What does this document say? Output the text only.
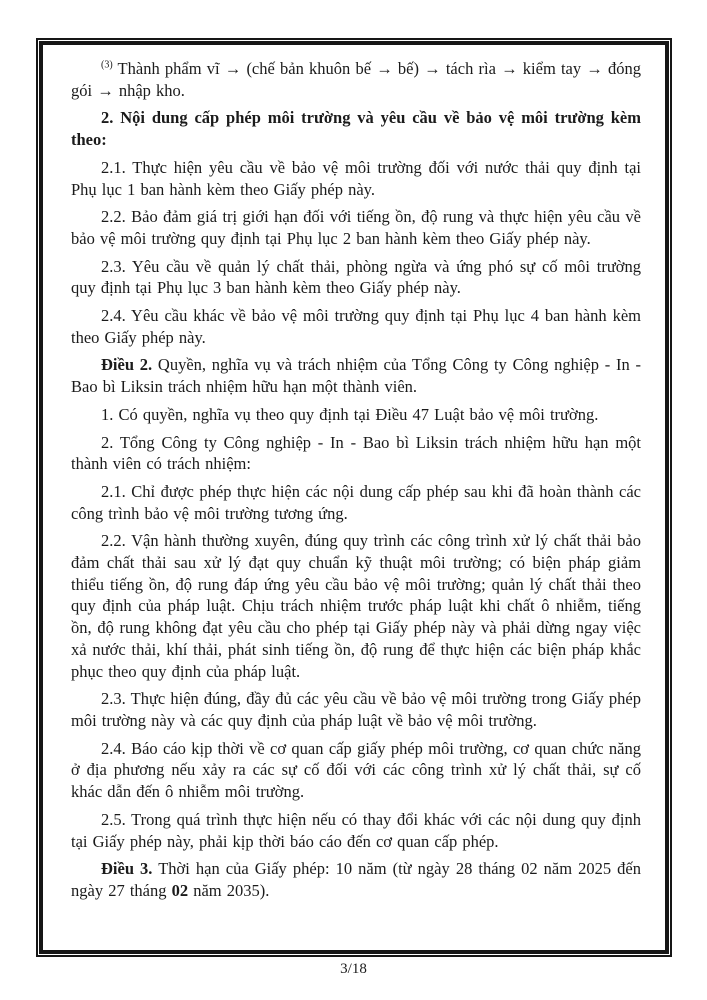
$^{(3)}$ Thành phẩm vĩ → (chế bản khuôn bế → bế) → tách rìa → kiểm tay → đóng gói → nhập kho.

2. Nội dung cấp phép môi trường và yêu cầu về bảo vệ môi trường kèm theo:

2.1. Thực hiện yêu cầu về bảo vệ môi trường đối với nước thải quy định tại Phụ lục 1 ban hành kèm theo Giấy phép này.

2.2. Bảo đảm giá trị giới hạn đối với tiếng ồn, độ rung và thực hiện yêu cầu về bảo vệ môi trường quy định tại Phụ lục 2 ban hành kèm theo Giấy phép này.

2.3. Yêu cầu về quản lý chất thải, phòng ngừa và ứng phó sự cố môi trường quy định tại Phụ lục 3 ban hành kèm theo Giấy phép này.

2.4. Yêu cầu khác về bảo vệ môi trường quy định tại Phụ lục 4 ban hành kèm theo Giấy phép này.

Điều 2. Quyền, nghĩa vụ và trách nhiệm của Tổng Công ty Công nghiệp - In - Bao bì Liksin trách nhiệm hữu hạn một thành viên.

1. Có quyền, nghĩa vụ theo quy định tại Điều 47 Luật bảo vệ môi trường.

2. Tổng Công ty Công nghiệp - In - Bao bì Liksin trách nhiệm hữu hạn một thành viên có trách nhiệm:

2.1. Chỉ được phép thực hiện các nội dung cấp phép sau khi đã hoàn thành các công trình bảo vệ môi trường tương ứng.

2.2. Vận hành thường xuyên, đúng quy trình các công trình xử lý chất thải bảo đảm chất thải sau xử lý đạt quy chuẩn kỹ thuật môi trường; có biện pháp giảm thiểu tiếng ồn, độ rung đáp ứng yêu cầu bảo vệ môi trường; quản lý chất thải theo quy định của pháp luật. Chịu trách nhiệm trước pháp luật khi chất ô nhiễm, tiếng ồn, độ rung không đạt yêu cầu cho phép tại Giấy phép này và phải dừng ngay việc xả nước thải, khí thải, phát sinh tiếng ồn, độ rung để thực hiện các biện pháp khắc phục theo quy định của pháp luật.

2.3. Thực hiện đúng, đầy đủ các yêu cầu về bảo vệ môi trường trong Giấy phép môi trường này và các quy định của pháp luật về bảo vệ môi trường.

2.4. Báo cáo kịp thời về cơ quan cấp giấy phép môi trường, cơ quan chức năng ở địa phương nếu xảy ra các sự cố đối với các công trình xử lý chất thải, sự cố khác dẫn đến ô nhiễm môi trường.

2.5. Trong quá trình thực hiện nếu có thay đổi khác với các nội dung quy định tại Giấy phép này, phải kịp thời báo cáo đến cơ quan cấp phép.

Điều 3. Thời hạn của Giấy phép: 10 năm (từ ngày 28 tháng 02 năm 2025 đến ngày 27 tháng 02 năm 2035).

3/18
